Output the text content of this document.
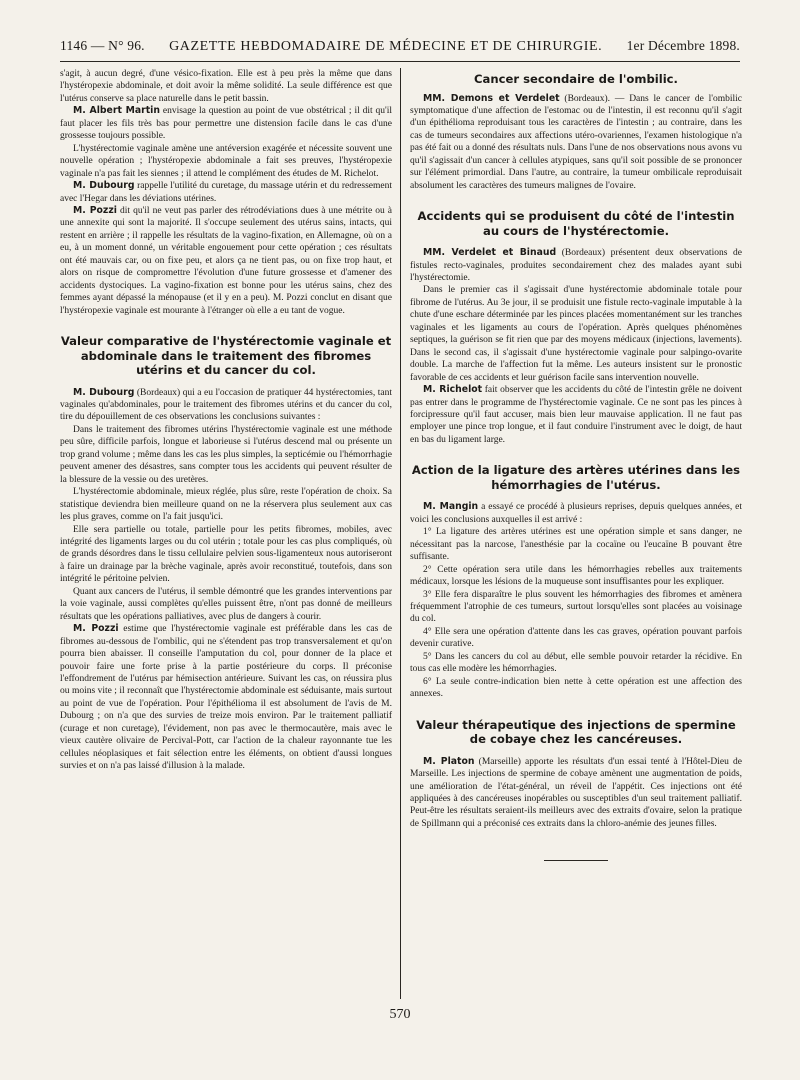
1146 — N° 96. GAZETTE HEBDOMADAIRE DE MÉDECINE ET DE CHIRURGIE. 1er Décembre 1898.

s'agit, à aucun degré, d'une vésico-fixation. Elle est à peu près la même que dans l'hystéropexie abdominale, et doit avoir la même solidité. La seule différence est que l'utérus conserve sa place naturelle dans le petit bassin.

M. Albert Martin envisage la question au point de vue obstétrical ; il dit qu'il faut placer les fils très bas pour permettre une distension facile dans le cas d'une grossesse toujours possible.

L'hystérectomie vaginale amène une antéversion exagérée et nécessite souvent une nouvelle opération ; l'hystéropexie abdominale a fait ses preuves, l'hystéropexie vaginale n'a pas fait les siennes ; il attend le complément des études de M. Richelot.

M. Dubourg rappelle l'utilité du curetage, du massage utérin et du redressement avec l'Hegar dans les déviations utérines.

M. Pozzi dit qu'il ne veut pas parler des rétrodéviations dues à une métrite ou à une annexite qui sont la majorité. Il s'occupe seulement des utérus sains, intacts, qui restent en arrière ; il rappelle les résultats de la vagino-fixation, en Allemagne, où on a eu, à un moment donné, un véritable engouement pour cette opération ; ces résultats ont été mauvais car, ou on fixe peu, et alors ça ne tient pas, ou on fixe trop haut, et alors on risque de compromettre l'évolution d'une future grossesse et d'amener des accidents dystociques. La vagino-fixation est bonne pour les utérus sains, chez des femmes ayant dépassé la ménopause (et il y en a peu). M. Pozzi conclut en disant que l'hystéropexie vaginale est mourante à l'étranger où elle a eu tant de vogue.

Valeur comparative de l'hystérectomie vaginale et abdominale dans le traitement des fibromes utérins et du cancer du col.

M. Dubourg (Bordeaux) qui a eu l'occasion de pratiquer 44 hystérectomies, tant vaginales qu'abdominales, pour le traitement des fibromes utérins et du cancer du col, tire du dépouillement de ces observations les conclusions suivantes :

Dans le traitement des fibromes utérins l'hystérectomie vaginale est une méthode peu sûre, difficile parfois, longue et laborieuse si l'utérus descend mal ou présente un trop grand volume ; même dans les cas les plus simples, la septicémie ou l'hémorrhagie peuvent amener des désastres, sans compter tous les accidents qui peuvent résulter de la blessure de la vessie ou des uretères.

L'hystérectomie abdominale, mieux réglée, plus sûre, reste l'opération de choix. Sa statistique deviendra bien meilleure quand on ne la réservera plus seulement aux cas les plus graves, comme on l'a fait jusqu'ici.

Elle sera partielle ou totale, partielle pour les petits fibromes, mobiles, avec intégrité des ligaments larges ou du col utérin ; totale pour les cas plus compliqués, où de grands désordres dans le tissu cellulaire pelvien sous-ligamenteux nous autoriseront à faire un drainage par la brèche vaginale, après avoir reconstitué, toutefois, dans son intégrité le péritoine pelvien.

Quant aux cancers de l'utérus, il semble démontré que les grandes interventions par la voie vaginale, aussi complètes qu'elles puissent être, n'ont pas donné de meilleurs résultats que les opérations palliatives, avec plus de dangers à courir.

M. Pozzi estime que l'hystérectomie vaginale est préférable dans les cas de fibromes au-dessous de l'ombilic, qui ne s'étendent pas trop transversalement et qu'on pourra bien abaisser. Il conseille l'amputation du col, pour donner de la place et pouvoir faire une forte prise à la partie postérieure du corps. Il préconise l'effondrement de l'utérus par hémisection antérieure. Suivant les cas, on réussira plus ou moins vite ; il reconnaît que l'hystérectomie abdominale est séduisante, mais surtout au point de vue de l'opération. Pour l'épithélioma il est absolument de l'avis de M. Dubourg ; on n'a que des survies de treize mois environ. Par le traitement palliatif (curage et non curetage), l'évidement, non pas avec le thermocautère, mais avec le vieux cautère olivaire de Percival-Pott, car l'action de la chaleur rayonnante tue les cellules néoplasiques et fait sélection entre les éléments, on obtient d'aussi longues survies et on n'a pas laissé d'illusion à la malade.

Cancer secondaire de l'ombilic.

MM. Demons et Verdelet (Bordeaux). — Dans le cancer de l'ombilic symptomatique d'une affection de l'estomac ou de l'intestin, il est reconnu qu'il s'agit d'un épithélioma reproduisant tous les caractères de l'intestin ; au contraire, dans les cas de tumeurs secondaires aux affections utéro-ovariennes, l'examen histologique n'a pas été fait ou a donné des résultats nuls. Dans l'une de nos observations nous avons vu qu'il s'agissait d'un cancer à cellules atypiques, sans qu'il soit possible de se prononcer sur l'élément primordial. Dans l'autre, au contraire, la tumeur ombilicale reproduisait absolument les caractères des tumeurs malignes de l'ovaire.

Accidents qui se produisent du côté de l'intestin au cours de l'hystérectomie.

MM. Verdelet et Binaud (Bordeaux) présentent deux observations de fistules recto-vaginales, produites secondairement chez des malades ayant subi l'hystérectomie.

Dans le premier cas il s'agissait d'une hystérectomie abdominale totale pour fibrome de l'utérus. Au 3e jour, il se produisit une fistule recto-vaginale imputable à la chute d'une eschare déterminée par les pinces placées momentanément sur les tranches vaginales et les ligaments au cours de l'opération. Après quelques phénomènes septiques, la guérison se fit rien que par des moyens médicaux (injections, lavements). Dans le second cas, il s'agissait d'une hystérectomie vaginale pour salpingo-ovarite double. La marche de l'affection fut la même. Les auteurs insistent sur le pronostic favorable de ces accidents et leur guérison facile sans intervention nouvelle.

M. Richelot fait observer que les accidents du côté de l'intestin grêle ne doivent pas entrer dans le programme de l'hystérectomie vaginale. Ce ne sont pas les pinces à forcipressure qu'il faut accuser, mais bien leur mauvaise application. Il ne faut pas employer une pince trop longue, et il faut conduire l'instrument avec le doigt, de haut en bas du ligament large.

Action de la ligature des artères utérines dans les hémorrhagies de l'utérus.

M. Mangin a essayé ce procédé à plusieurs reprises, depuis quelques années, et voici les conclusions auxquelles il est arrivé :

1° La ligature des artères utérines est une opération simple et sans danger, ne nécessitant pas la narcose, l'anesthésie par la cocaïne ou l'eucaïne B pouvant être suffisante.

2° Cette opération sera utile dans les hémorrhagies rebelles aux traitements médicaux, lorsque les lésions de la muqueuse sont insuffisantes pour les expliquer.

3° Elle fera disparaître le plus souvent les hémorrhagies des fibromes et amènera fréquemment l'atrophie de ces tumeurs, surtout lorsqu'elles sont placées au voisinage du col.

4° Elle sera une opération d'attente dans les cas graves, opération pouvant parfois devenir curative.

5° Dans les cancers du col au début, elle semble pouvoir retarder la récidive. En tous cas elle modère les hémorrhagies.

6° La seule contre-indication bien nette à cette opération est une affection des annexes.

Valeur thérapeutique des injections de spermine de cobaye chez les cancéreuses.

M. Platon (Marseille) apporte les résultats d'un essai tenté à l'Hôtel-Dieu de Marseille. Les injections de spermine de cobaye amènent une augmentation de poids, une amélioration de l'état-général, un réveil de l'appétit. Ces injections ont été appliquées à des cancéreuses inopérables ou susceptibles d'un seul traitement palliatif. Peut-être les résultats seraient-ils meilleurs avec des extraits d'ovaire, selon la pratique de Spillmann qui a préconisé ces extraits dans la chloro-anémie des jeunes filles.

570
